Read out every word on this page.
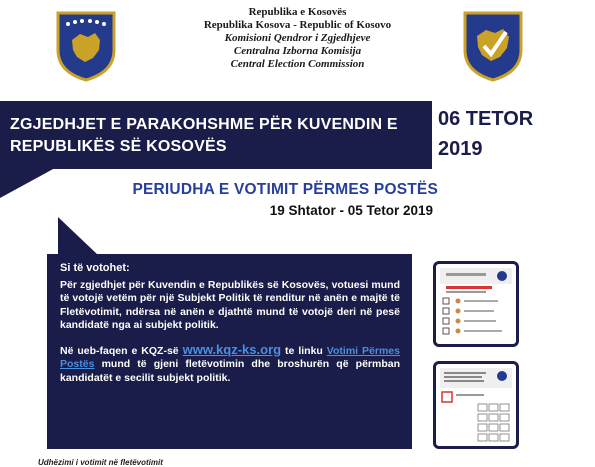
Republika e Kosovës
Republika Kosova - Republic of Kosovo
Komisioni Qendror i Zgjedhjeve
Centralna Izborna Komisija
Central Election Commission
ZGJEDHJET E PARAKOHSHME PËR KUVENDIN E REPUBLIKËS SË KOSOVËS
06 TETOR
2019
PERIUDHA E VOTIMIT PËRMES POSTËS
19 Shtator - 05 Tetor 2019
Si të votohet:

Për zgjedhjet për Kuvendin e Republikës së Kosovës, votuesi mund të votojë vetëm për një Subjekt Politik të renditur në anën e majtë të Fletëvotimit, ndërsa në anën e djathtë mund të votojë deri në pesë kandidatë nga ai subjekt politik.

Në ueb-faqen e KQZ-së www.kqz-ks.org te linku Votimi Përmes Postës mund të gjeni fletëvotimin dhe broshurën që përmban kandidatët e secilit subjekt politik.

Udhëzimi i votimit në fletëvotimit
